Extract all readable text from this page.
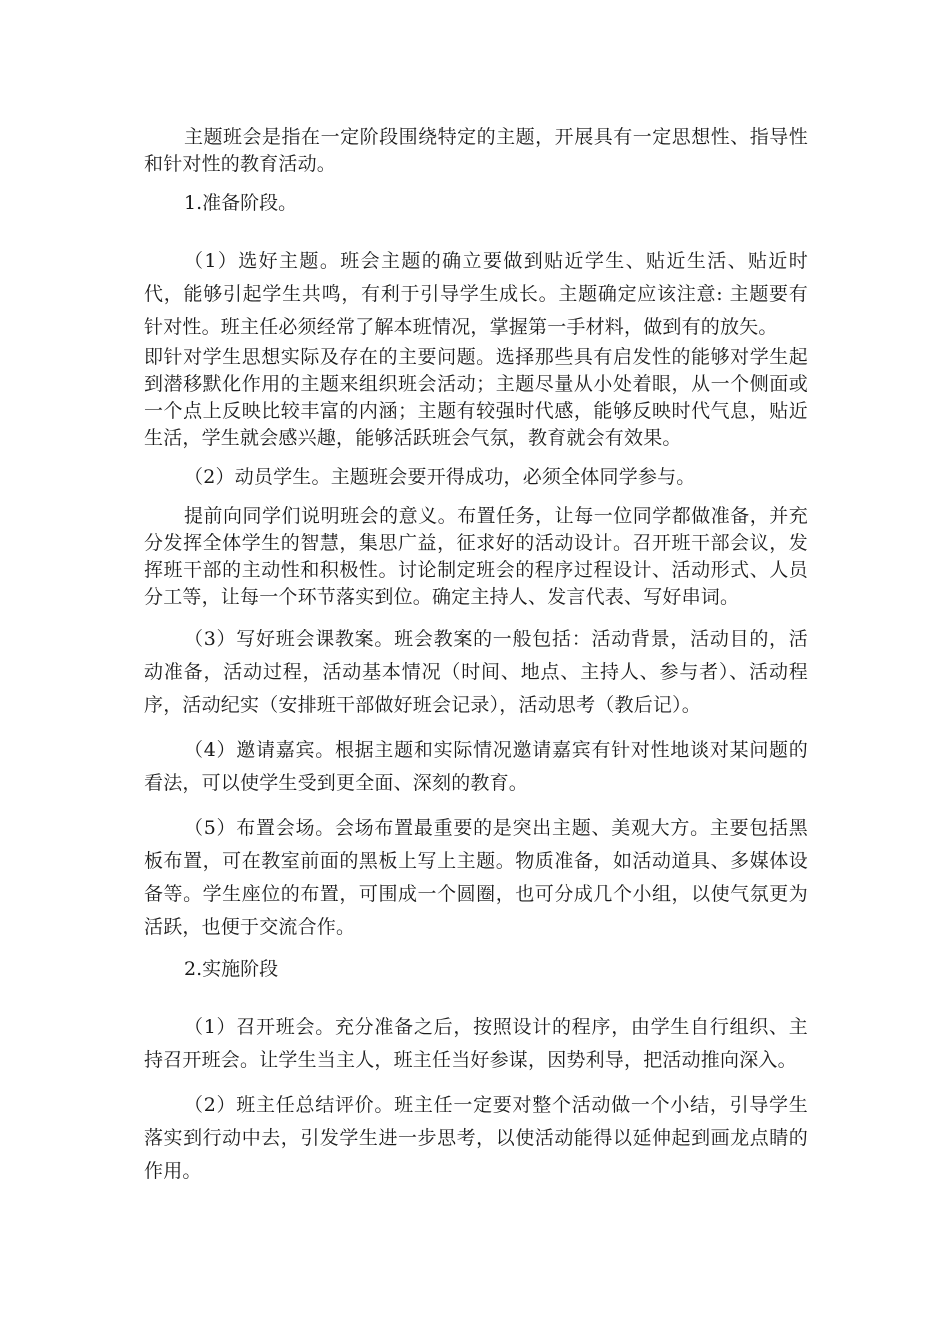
主题班会是指在一定阶段围绕特定的主题，开展具有一定思想性、指导性和针对性的教育活动。

1.准备阶段。

（1）选好主题。班会主题的确立要做到贴近学生、贴近生活、贴近时代，能够引起学生共鸣，有利于引导学生成长。主题确定应该注意: 主题要有针对性。班主任必须经常了解本班情况，掌握第一手材料，做到有的放矢。

即针对学生思想实际及存在的主要问题。选择那些具有启发性的能够对学生起到潜移默化作用的主题来组织班会活动；主题尽量从小处着眼，从一个侧面或一个点上反映比较丰富的内涵；主题有较强时代感，能够反映时代气息，贴近生活，学生就会感兴趣，能够活跃班会气氛，教育就会有效果。

（2）动员学生。主题班会要开得成功，必须全体同学参与。

提前向同学们说明班会的意义。布置任务，让每一位同学都做准备，并充分发挥全体学生的智慧，集思广益，征求好的活动设计。召开班干部会议，发挥班干部的主动性和积极性。讨论制定班会的程序过程设计、活动形式、人员分工等，让每一个环节落实到位。确定主持人、发言代表、写好串词。

（3）写好班会课教案。班会教案的一般包括：活动背景，活动目的，活动准备，活动过程，活动基本情况（时间、地点、主持人、参与者）、活动程序，活动纪实（安排班干部做好班会记录），活动思考（教后记）。

（4）邀请嘉宾。根据主题和实际情况邀请嘉宾有针对性地谈对某问题的看法，可以使学生受到更全面、深刻的教育。

（5）布置会场。会场布置最重要的是突出主题、美观大方。主要包括黑板布置，可在教室前面的黑板上写上主题。物质准备，如活动道具、多媒体设备等。学生座位的布置，可围成一个圆圈，也可分成几个小组，以使气氛更为活跃，也便于交流合作。

2.实施阶段

（1）召开班会。充分准备之后，按照设计的程序，由学生自行组织、主持召开班会。让学生当主人，班主任当好参谋，因势利导，把活动推向深入。

（2）班主任总结评价。班主任一定要对整个活动做一个小结，引导学生落实到行动中去，引发学生进一步思考，以使活动能得以延伸起到画龙点睛的作用。
